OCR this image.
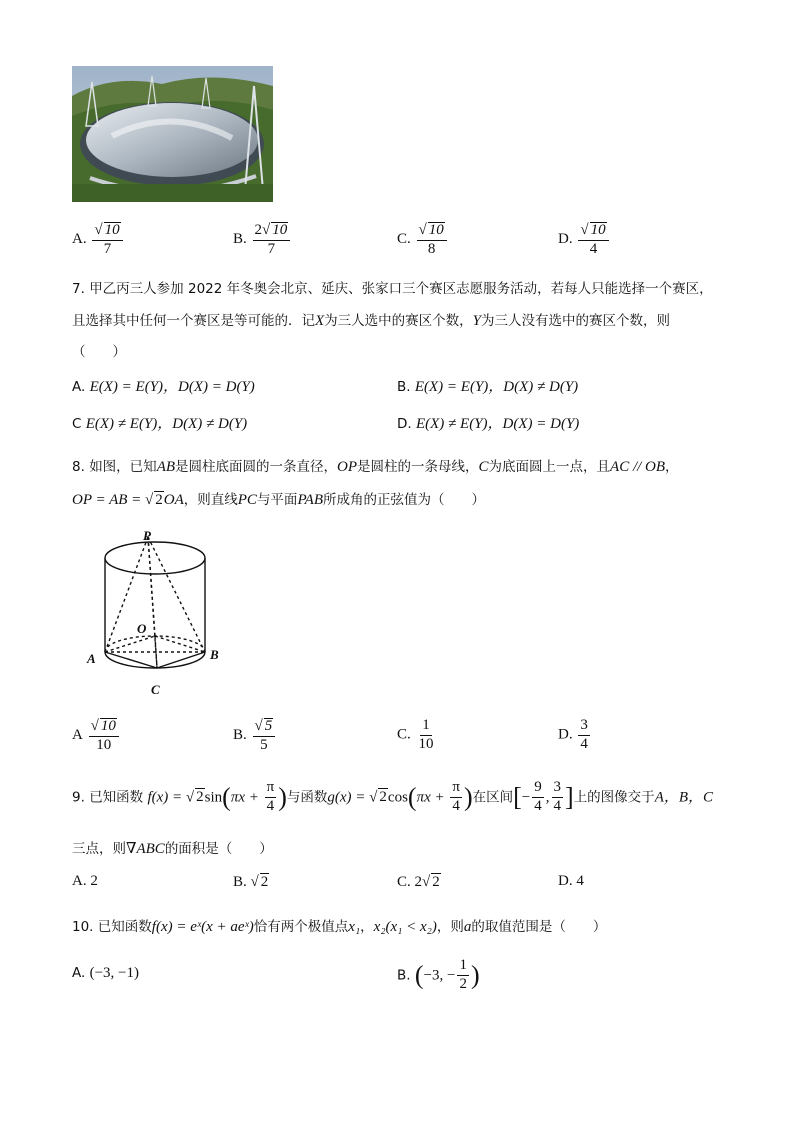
A. $\frac{√ 10}{7}$	B. $\frac{2√ 10}{7}$	C. $\frac{√ 10}{8}$	D. $\frac{√ 10}{4}$
7. 甲乙丙三人参加 2022 年冬奥会北京、延庆、张家口三个赛区志愿服务活动，若每人只能选择一个赛区，
且选择其中任何一个赛区是等可能的．记X为三人选中的赛区个数，Y为三人没有选中的赛区个数，则
（　　）
A. E(X) = E(Y)，D(X) = D(Y)	B. E(X) = E(Y)，D(X) ≠ D(Y)
C E(X) ≠ E(Y)，D(X) ≠ D(Y)	D. E(X) ≠ E(Y)，D(X) = D(Y)
8. 如图，已知AB是圆柱底面圆的一条直径，OP是圆柱的一条母线，C为底面圆上一点，且AC // OB，
OP = AB = √ 2OA，则直线PC与平面PAB所成角的正弦值为（　　）
P
O
A	B
C
A $\frac{√ 10}{10}$	B. $\frac{√ 5}{5}$	C. $\frac{1}{10}$	D. $\frac{3}{4}$
9. 已知函数 f(x) = √ $2\sin(\pi x + \frac{\pi}{4}$ )与函数g(x) = √ $2\cos(\pi x + \frac{\pi}{4}$ )在区间[− $\frac{9}{4}$ , $\frac{3}{4}$ ]上的图像交于A，B，C
三点，则∇ABC的面积是（　　）
A. 2	B. √ 2	C. 2√ 2	D. 4
10. 已知函数f(x) = eˣ(x + aeˣ)恰有两个极值点x₁，x₂(x₁ < x₂)，则a的取值范围是（　　）
A. (−3, −1)	B. (−3, − $\frac{1}{2}$ )
